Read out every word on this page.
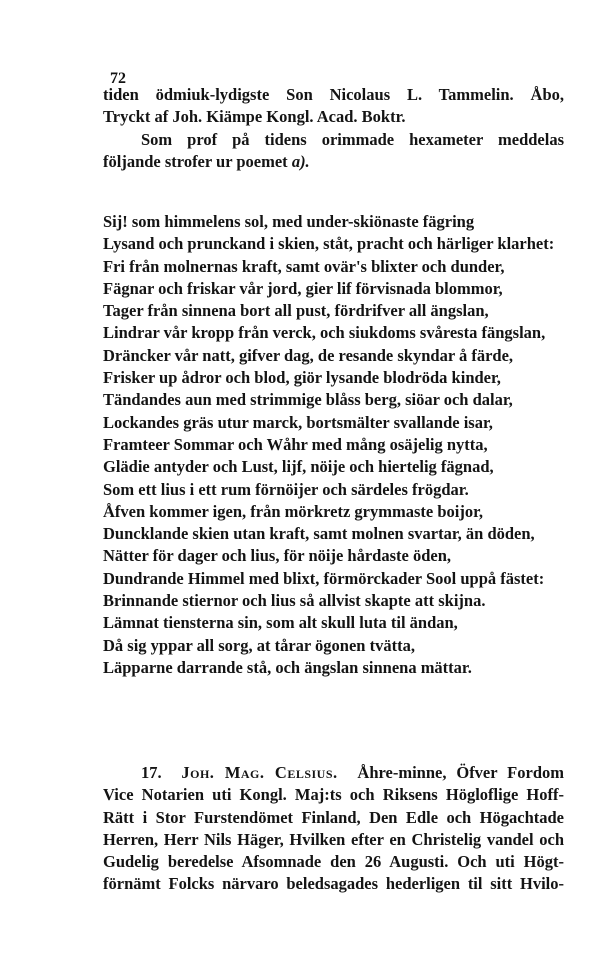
72
tiden ödmiuk-lydigste Son Nicolaus L. Tammelin. Åbo,
Tryckt af Joh. Kiämpe Kongl. Acad. Boktr.
Som prof på tidens orimmade hexameter meddelas
följande strofer ur poemet a).
Sij! som himmelens sol, med under-skiönaste fägring
Lysand och prunckand i skien, ståt, pracht och härliger klarhet:
Fri från molnernas kraft, samt ovär's blixter och dunder,
Fägnar och friskar vår jord, gier lif förvisnada blommor,
Tager från sinnena bort all pust, fördrifver all ängslan,
Lindrar vår kropp från verck, och siukdoms svåresta fängslan,
Dräncker vår natt, gifver dag, de resande skyndar å färde,
Frisker up ådror och blod, giör lysande blodröda kinder,
Tändandes aun med strimmige blåss berg, siöar och dalar,
Lockandes gräs utur marck, bortsmälter svallande isar,
Framteer Sommar och Wåhr med mång osäjelig nytta,
Glädie antyder och Lust, lijf, nöije och hiertelig fägnad,
Som ett lius i ett rum förnöijer och särdeles frögdar.
Åfven kommer igen, från mörkretz grymmaste boijor,
Duncklande skien utan kraft, samt molnen svartar, än döden,
Nätter för dager och lius, för nöije hårdaste öden,
Dundrande Himmel med blixt, förmörckader Sool uppå fästet:
Brinnande stiernor och lius så allvist skapte att skijna.
Lämnat tiensterna sin, som alt skull luta til ändan,
Då sig yppar all sorg, at tårar ögonen tvätta,
Läpparne darrande stå, och ängslan sinnena mättar.
17. Joh. Mag. Celsius. Åhre-minne, Öfver Fordom
Vice Notarien uti Kongl. Maj:ts och Riksens Högloflige Hoff-
Rätt i Stor Furstendömet Finland, Den Edle och Högachtade
Herren, Herr Nils Häger, Hvilken efter en Christelig vandel och
Gudelig beredelse Afsomnade den 26 Augusti. Och uti Högt-
förnämt Folcks närvaro beledsagades hederligen til sitt Hvilo-
